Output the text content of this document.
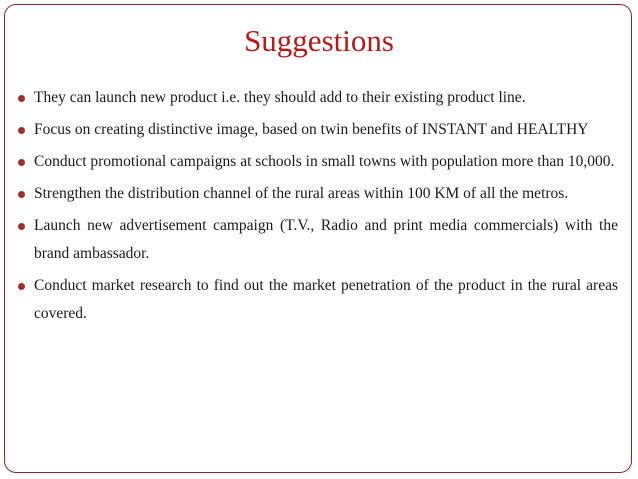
Suggestions
They can launch new product i.e. they should add to their existing product line.
Focus on creating distinctive image, based on twin benefits of INSTANT and HEALTHY
Conduct promotional campaigns at schools in small towns with population more than 10,000.
Strengthen the distribution channel of the rural areas within 100 KM of all the metros.
Launch new advertisement campaign (T.V., Radio and print media commercials) with the brand ambassador.
Conduct market research to find out the market penetration of the product in the rural areas covered.
